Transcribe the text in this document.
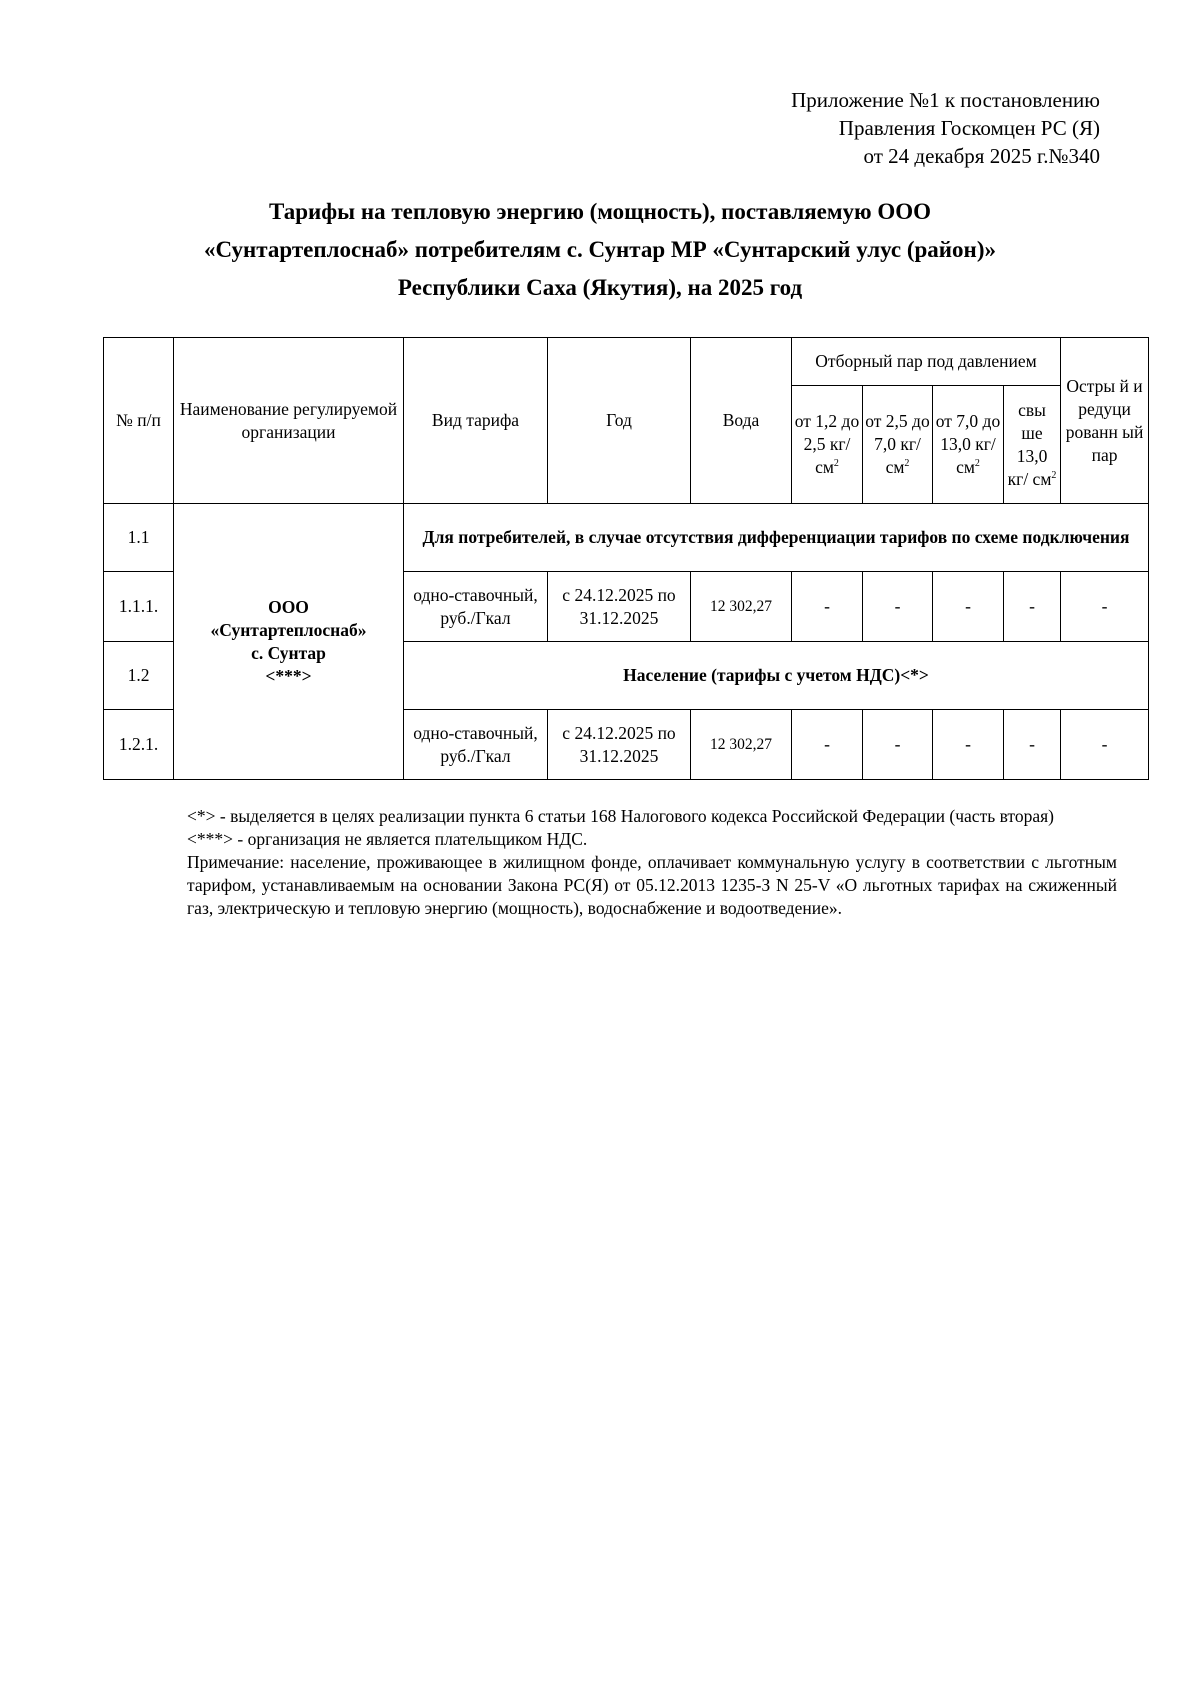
Приложение №1 к постановлению
Правления Госкомцен РС (Я)
от 24 декабря 2025 г.№340
Тарифы на тепловую энергию (мощность), поставляемую ООО
«Сунтартеплоснаб» потребителям с. Сунтар МР «Сунтарский улус (район)»
Республики Саха (Якутия), на 2025 год
№ п/п	Наименование регулируемой организации	Вид тарифа	Год	Вода	Отборный пар под давлением				Остры й и редуци рованн ый пар
					от 1,2 до 2,5 кг/ $см^2$	от 2,5 до 7,0 кг/ $см^2$	от 7,0 до 13,0 кг/ $см^2$	свы ше 13,0 кг/ $см^2$
1.1	ООО
«Сунтартеплоснаб»
с. Сунтар
<***>	Для потребителей, в случае отсутствия дифференциации тарифов по схеме подключения							
1.1.1.		одно-ставочный, руб./Гкал	с 24.12.2025 по 31.12.2025	12 302,27	-	-	-	-	-
1.2		Население (тарифы с учетом НДС)<*>							
1.2.1.		одно-ставочный, руб./Гкал	с 24.12.2025 по 31.12.2025	12 302,27	-	-	-	-	-

<*> - выделяется в целях реализации пункта 6 статьи 168 Налогового кодекса Российской Федерации (часть вторая)

<***> - организация не является плательщиком НДС.

Примечание: население, проживающее в жилищном фонде, оплачивает коммунальную услугу в соответствии с льготным тарифом, устанавливаемым на основании Закона РС(Я) от 05.12.2013 1235-З N 25-V «О льготных тарифах на сжиженный газ, электрическую и тепловую энергию (мощность), водоснабжение и водоотведение».
